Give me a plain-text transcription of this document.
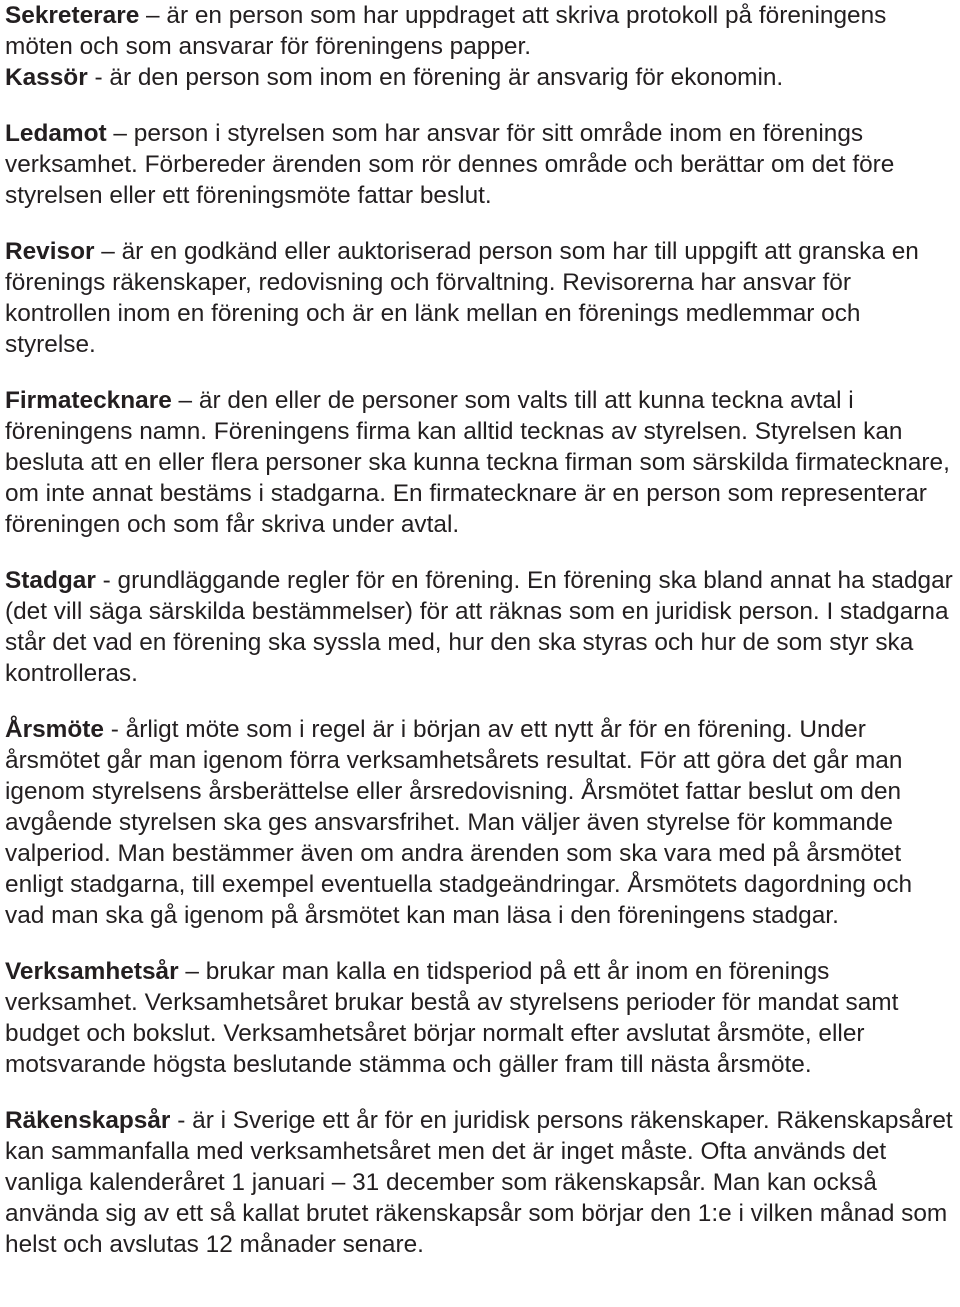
Sekreterare – är en person som har uppdraget att skriva protokoll på föreningens möten och som ansvarar för föreningens papper.

Kassör - är den person som inom en förening är ansvarig för ekonomin.

Ledamot – person i styrelsen som har ansvar för sitt område inom en förenings verksamhet. Förbereder ärenden som rör dennes område och berättar om det före styrelsen eller ett föreningsmöte fattar beslut.

Revisor – är en godkänd eller auktoriserad person som har till uppgift att granska en förenings räkenskaper, redovisning och förvaltning. Revisorerna har ansvar för kontrollen inom en förening och är en länk mellan en förenings medlemmar och styrelse.

Firmatecknare – är den eller de personer som valts till att kunna teckna avtal i föreningens namn. Föreningens firma kan alltid tecknas av styrelsen. Styrelsen kan besluta att en eller flera personer ska kunna teckna firman som särskilda firmatecknare, om inte annat bestäms i stadgarna. En firmatecknare är en person som representerar föreningen och som får skriva under avtal.

Stadgar - grundläggande regler för en förening. En förening ska bland annat ha stadgar (det vill säga särskilda bestämmelser) för att räknas som en juridisk person. I stadgarna står det vad en förening ska syssla med, hur den ska styras och hur de som styr ska kontrolleras.

Årsmöte - årligt möte som i regel är i början av ett nytt år för en förening. Under årsmötet går man igenom förra verksamhetsårets resultat. För att göra det går man igenom styrelsens årsberättelse eller årsredovisning. Årsmötet fattar beslut om den avgående styrelsen ska ges ansvarsfrihet. Man väljer även styrelse för kommande valperiod. Man bestämmer även om andra ärenden som ska vara med på årsmötet enligt stadgarna, till exempel eventuella stadgeändringar. Årsmötets dagordning och vad man ska gå igenom på årsmötet kan man läsa i den föreningens stadgar.

Verksamhetsår – brukar man kalla en tidsperiod på ett år inom en förenings verksamhet. Verksamhetsåret brukar bestå av styrelsens perioder för mandat samt budget och bokslut. Verksamhetsåret börjar normalt efter avslutat årsmöte, eller motsvarande högsta beslutande stämma och gäller fram till nästa årsmöte.

Räkenskapsår - är i Sverige ett år för en juridisk persons räkenskaper. Räkenskapsåret kan sammanfalla med verksamhetsåret men det är inget måste. Ofta används det vanliga kalenderåret 1 januari – 31 december som räkenskapsår. Man kan också använda sig av ett så kallat brutet räkenskapsår som börjar den 1:e i vilken månad som helst och avslutas 12 månader senare.
